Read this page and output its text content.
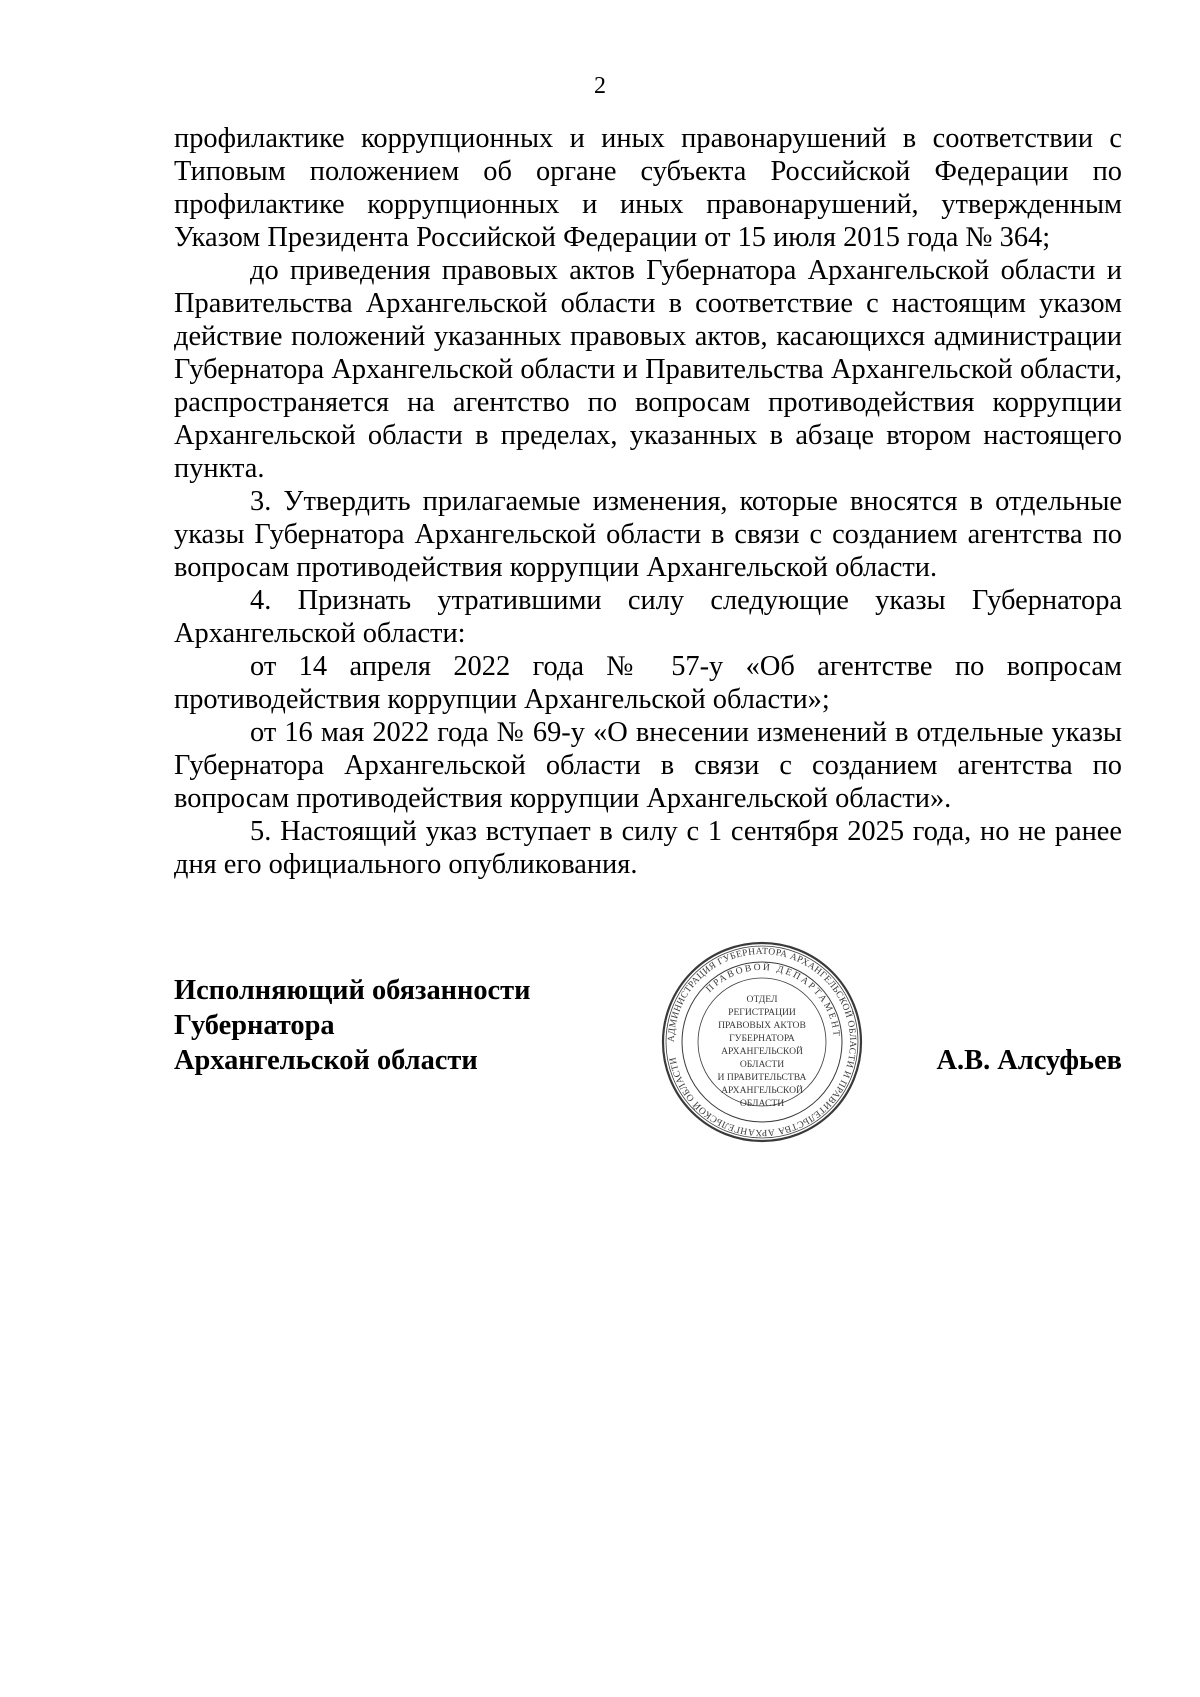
2

профилактике коррупционных и иных правонарушений в соответствии с Типовым положением об органе субъекта Российской Федерации по профилактике коррупционных и иных правонарушений, утвержденным Указом Президента Российской Федерации от 15 июля 2015 года № 364;

до приведения правовых актов Губернатора Архангельской области и Правительства Архангельской области в соответствие с настоящим указом действие положений указанных правовых актов, касающихся администрации Губернатора Архангельской области и Правительства Архангельской области, распространяется на агентство по вопросам противодействия коррупции Архангельской области в пределах, указанных в абзаце втором настоящего пункта.

3. Утвердить прилагаемые изменения, которые вносятся в отдельные указы Губернатора Архангельской области в связи с созданием агентства по вопросам противодействия коррупции Архангельской области.

4. Признать утратившими силу следующие указы Губернатора Архангельской области:

от 14 апреля 2022 года № 57-у «Об агентстве по вопросам противодействия коррупции Архангельской области»;

от 16 мая 2022 года № 69-у «О внесении изменений в отдельные указы Губернатора Архангельской области в связи с созданием агентства по вопросам противодействия коррупции Архангельской области».

5. Настоящий указ вступает в силу с 1 сентября 2025 года, но не ранее дня его официального опубликования.

Исполняющий обязанности
Губернатора
Архангельской области
АДМИНИСТРАЦИЯ ГУБЕРНАТОРА АРХАНГЕЛЬСКОЙ ОБЛАСТИ И ПРАВИТЕЛЬСТВА АРХАНГЕЛЬСКОЙ ОБЛАСТИ
ПРАВОВОЙ ДЕПАРТАМЕНТ
ОТДЕЛ
РЕГИСТРАЦИИ
ПРАВОВЫХ АКТОВ
ГУБЕРНАТОРА
АРХАНГЕЛЬСКОЙ
ОБЛАСТИ
И ПРАВИТЕЛЬСТВА
АРХАНГЕЛЬСКОЙ
ОБЛАСТИ
А.В. Алсуфьев
